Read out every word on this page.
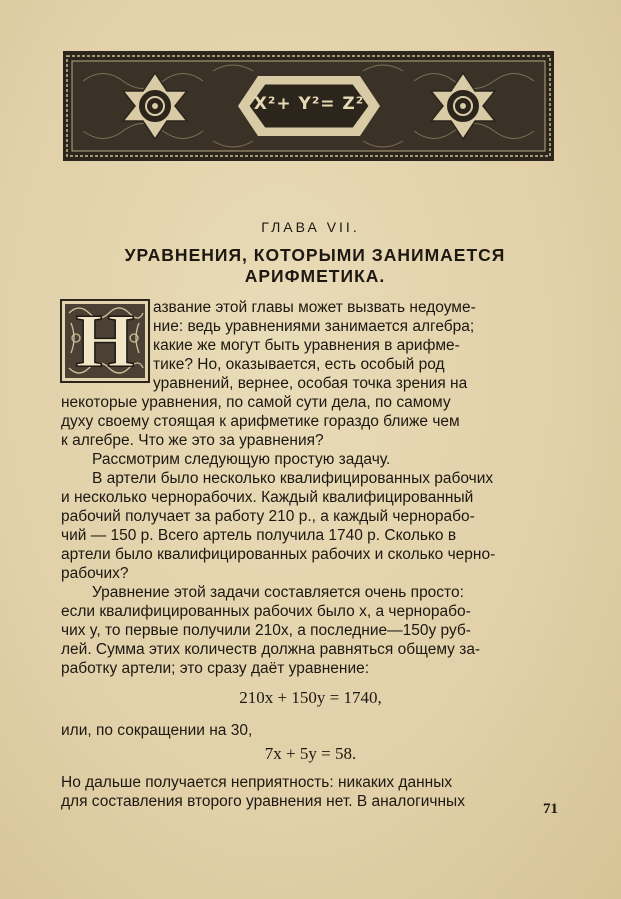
X²+ Y²= Z²
ГЛАВА VII.
УРАВНЕНИЯ, КОТОРЫМИ ЗАНИМАЕТСЯ
АРИФМЕТИКА.
Н	азвание этой главы может вызвать недоуме-
ние: ведь уравнениями занимается алгебра;
какие же могут быть уравнения в арифме-
тике? Но, оказывается, есть особый род
уравнений, вернее, особая точка зрения на
некоторые уравнения, по самой сути дела, по самому
духу своему стоящая к арифметике гораздо ближе чем
к алгебре. Что же это за уравнения?
Рассмотрим следующую простую задачу.
В артели было несколько квалифицированных рабочих
и несколько чернорабочих. Каждый квалифицированный
рабочий получает за работу 210 р., а каждый чернорабо-
чий — 150 р. Всего артель получила 1740 р. Сколько в
артели было квалифицированных рабочих и сколько черно-
рабочих?
Уравнение этой задачи составляется очень просто:
если квалифицированных рабочих было x, а чернорабо-
чих y, то первые получили 210x, а последние—150y руб-
лей. Сумма этих количеств должна равняться общему за-
работку артели; это сразу даёт уравнение:
210x + 150y = 1740,
или, по сокращении на 30,
7x + 5y = 58.
Но дальше получается неприятность: никаких данных
для составления второго уравнения нет. В аналогичных	71
